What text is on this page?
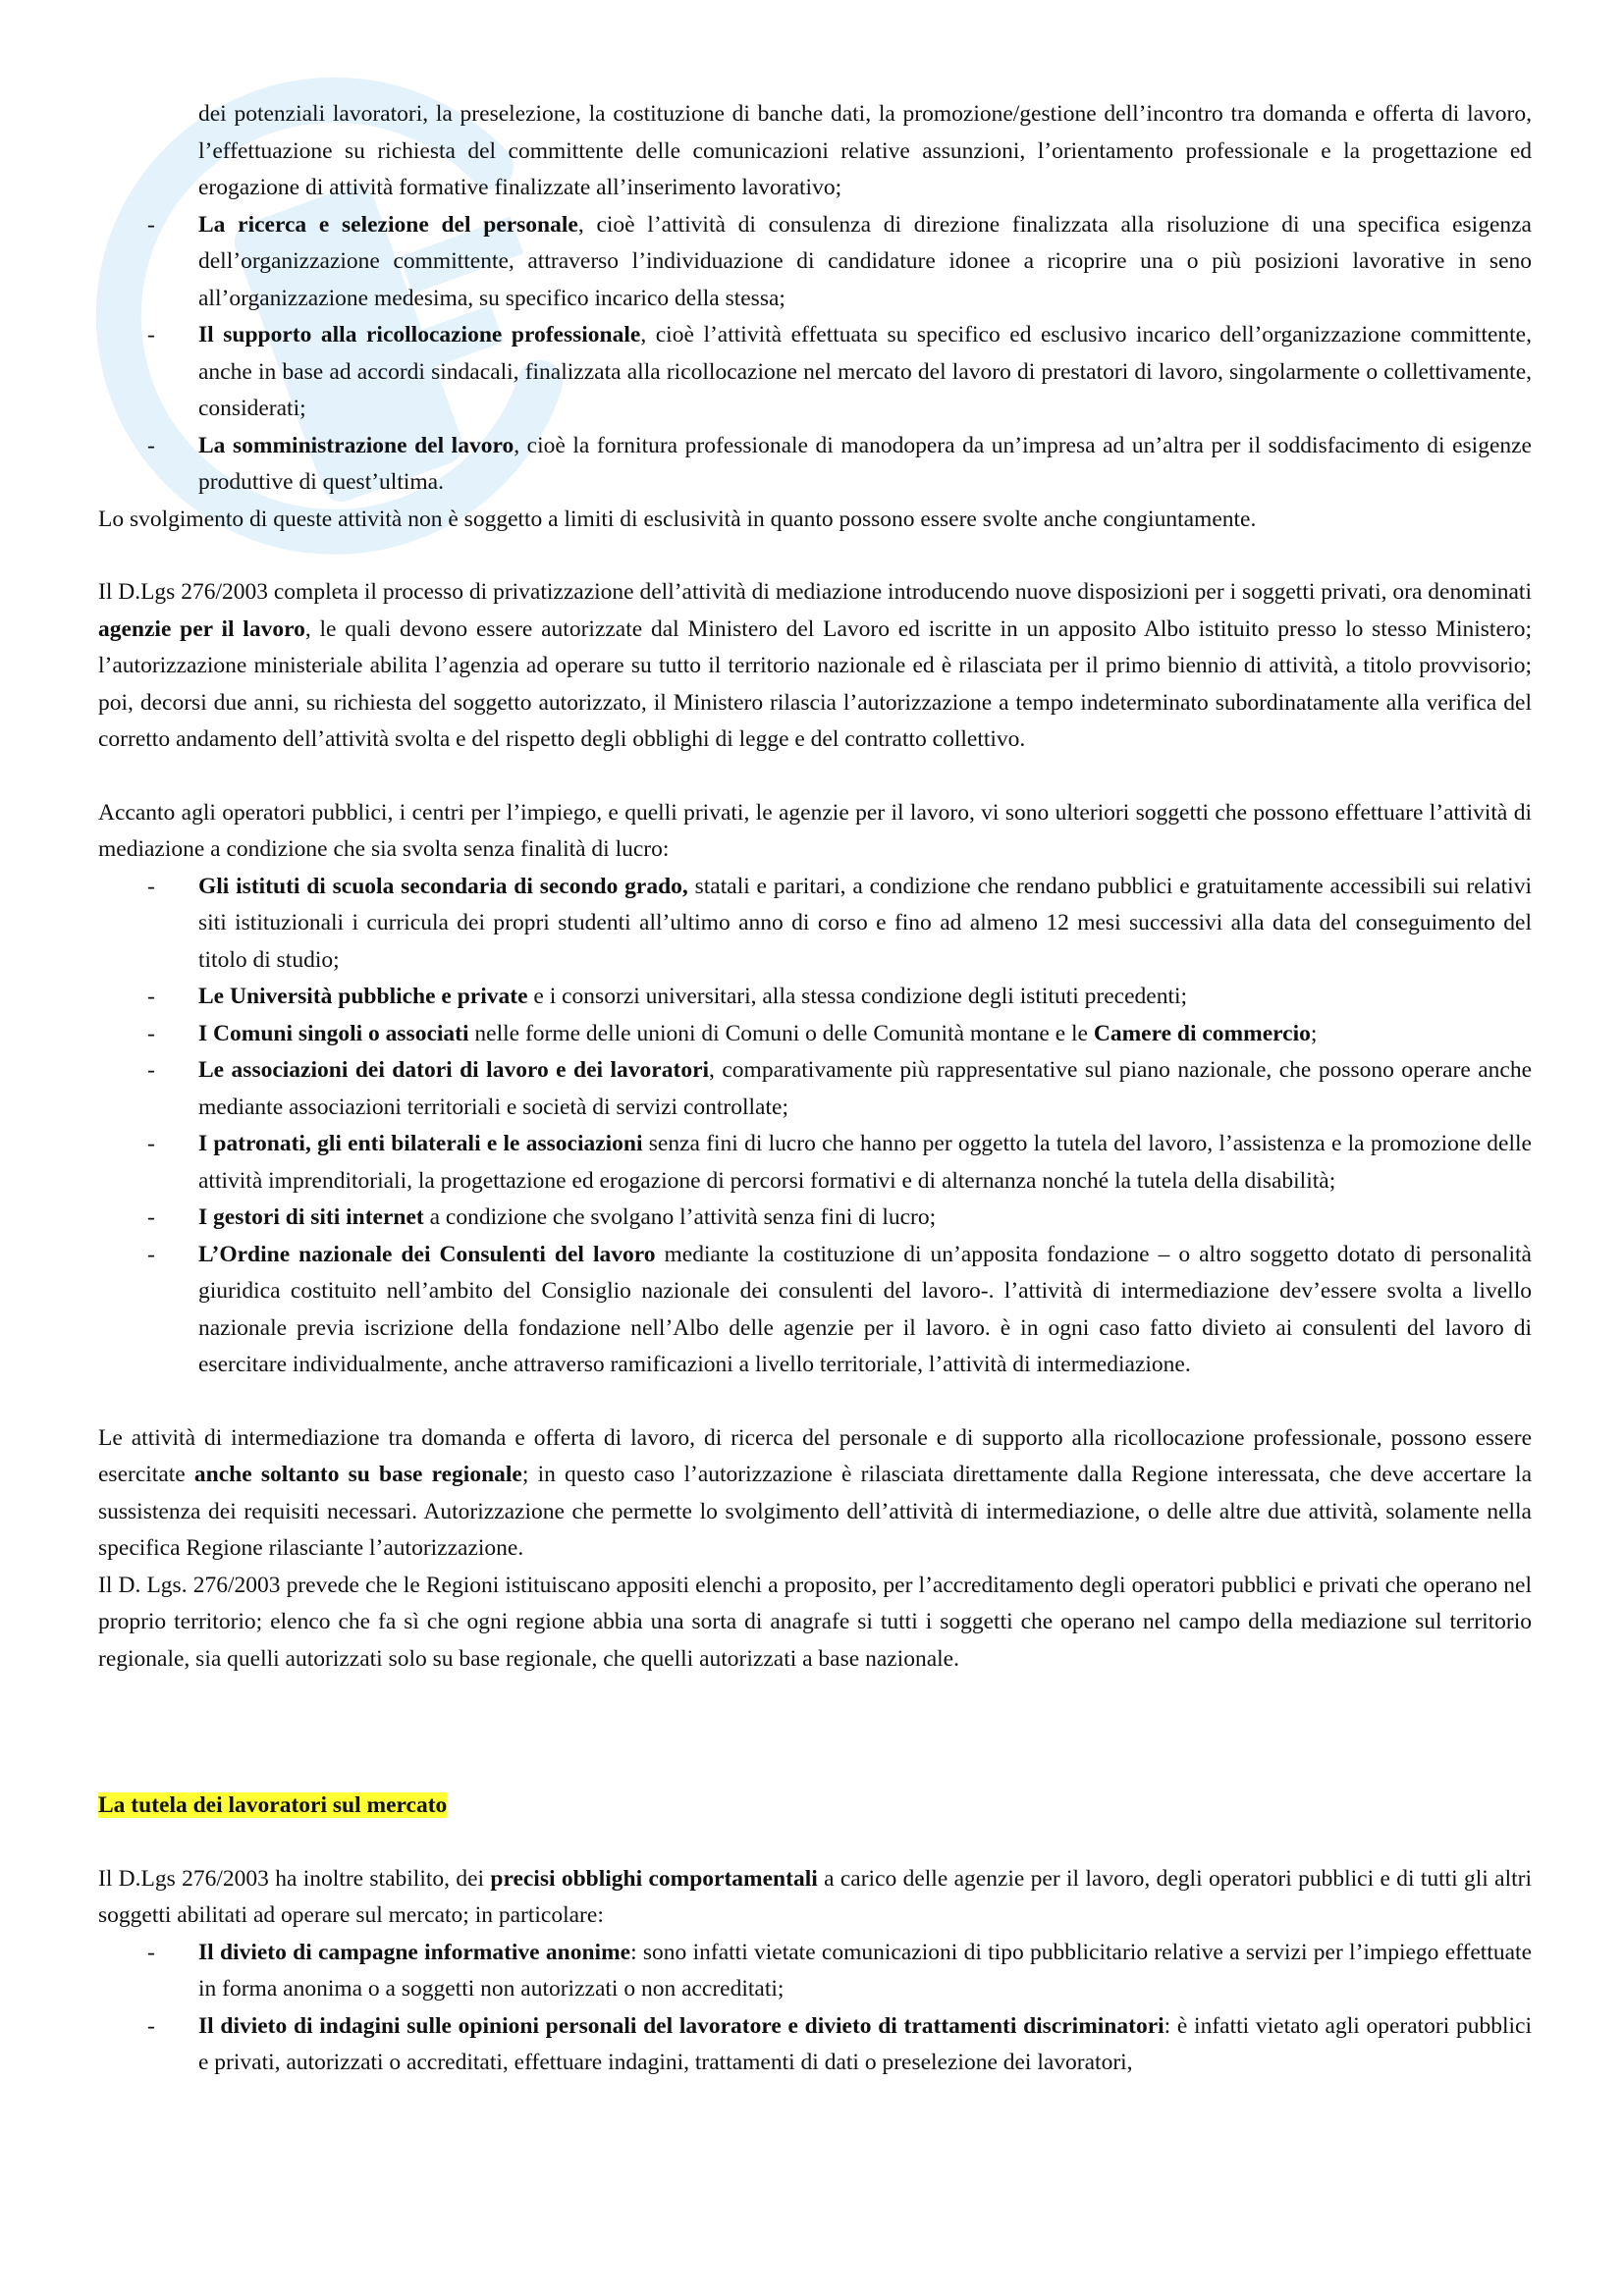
dei potenziali lavoratori, la preselezione, la costituzione di banche dati, la promozione/gestione dell’incontro tra domanda e offerta di lavoro, l’effettuazione su richiesta del committente delle comunicazioni relative assunzioni, l’orientamento professionale e la progettazione ed erogazione di attività formative finalizzate all’inserimento lavorativo;
- La ricerca e selezione del personale, cioè l’attività di consulenza di direzione finalizzata alla risoluzione di una specifica esigenza dell’organizzazione committente, attraverso l’individuazione di candidature idonee a ricoprire una o più posizioni lavorative in seno all’organizzazione medesima, su specifico incarico della stessa;
- Il supporto alla ricollocazione professionale, cioè l’attività effettuata su specifico ed esclusivo incarico dell’organizzazione committente, anche in base ad accordi sindacali, finalizzata alla ricollocazione nel mercato del lavoro di prestatori di lavoro, singolarmente o collettivamente, considerati;
- La somministrazione del lavoro, cioè la fornitura professionale di manodopera da un’impresa ad un’altra per il soddisfacimento di esigenze produttive di quest’ultima.

Lo svolgimento di queste attività non è soggetto a limiti di esclusività in quanto possono essere svolte anche congiuntamente.

Il D.Lgs 276/2003 completa il processo di privatizzazione dell’attività di mediazione introducendo nuove disposizioni per i soggetti privati, ora denominati agenzie per il lavoro, le quali devono essere autorizzate dal Ministero del Lavoro ed iscritte in un apposito Albo istituito presso lo stesso Ministero; l’autorizzazione ministeriale abilita l’agenzia ad operare su tutto il territorio nazionale ed è rilasciata per il primo biennio di attività, a titolo provvisorio; poi, decorsi due anni, su richiesta del soggetto autorizzato, il Ministero rilascia l’autorizzazione a tempo indeterminato subordinatamente alla verifica del corretto andamento dell’attività svolta e del rispetto degli obblighi di legge e del contratto collettivo.

Accanto agli operatori pubblici, i centri per l’impiego, e quelli privati, le agenzie per il lavoro, vi sono ulteriori soggetti che possono effettuare l’attività di mediazione a condizione che sia svolta senza finalità di lucro:

- Gli istituti di scuola secondaria di secondo grado, statali e paritari, a condizione che rendano pubblici e gratuitamente accessibili sui relativi siti istituzionali i curricula dei propri studenti all’ultimo anno di corso e fino ad almeno 12 mesi successivi alla data del conseguimento del titolo di studio;
- Le Università pubbliche e private e i consorzi universitari, alla stessa condizione degli istituti precedenti;
- I Comuni singoli o associati nelle forme delle unioni di Comuni o delle Comunità montane e le Camere di commercio;
- Le associazioni dei datori di lavoro e dei lavoratori, comparativamente più rappresentative sul piano nazionale, che possono operare anche mediante associazioni territoriali e società di servizi controllate;
- I patronati, gli enti bilaterali e le associazioni senza fini di lucro che hanno per oggetto la tutela del lavoro, l’assistenza e la promozione delle attività imprenditoriali, la progettazione ed erogazione di percorsi formativi e di alternanza nonché la tutela della disabilità;
- I gestori di siti internet a condizione che svolgano l’attività senza fini di lucro;
- L’Ordine nazionale dei Consulenti del lavoro mediante la costituzione di un’apposita fondazione – o altro soggetto dotato di personalità giuridica costituito nell’ambito del Consiglio nazionale dei consulenti del lavoro-. l’attività di intermediazione dev’essere svolta a livello nazionale previa iscrizione della fondazione nell’Albo delle agenzie per il lavoro. è in ogni caso fatto divieto ai consulenti del lavoro di esercitare individualmente, anche attraverso ramificazioni a livello territoriale, l’attività di intermediazione.

Le attività di intermediazione tra domanda e offerta di lavoro, di ricerca del personale e di supporto alla ricollocazione professionale, possono essere esercitate anche soltanto su base regionale; in questo caso l’autorizzazione è rilasciata direttamente dalla Regione interessata, che deve accertare la sussistenza dei requisiti necessari. Autorizzazione che permette lo svolgimento dell’attività di intermediazione, o delle altre due attività, solamente nella specifica Regione rilasciante l’autorizzazione.

Il D. Lgs. 276/2003 prevede che le Regioni istituiscano appositi elenchi a proposito, per l’accreditamento degli operatori pubblici e privati che operano nel proprio territorio; elenco che fa sì che ogni regione abbia una sorta di anagrafe si tutti i soggetti che operano nel campo della mediazione sul territorio regionale, sia quelli autorizzati solo su base regionale, che quelli autorizzati a base nazionale.

La tutela dei lavoratori sul mercato

Il D.Lgs 276/2003 ha inoltre stabilito, dei precisi obblighi comportamentali a carico delle agenzie per il lavoro, degli operatori pubblici e di tutti gli altri soggetti abilitati ad operare sul mercato; in particolare:

- Il divieto di campagne informative anonime: sono infatti vietate comunicazioni di tipo pubblicitario relative a servizi per l’impiego effettuate in forma anonima o a soggetti non autorizzati o non accreditati;
- Il divieto di indagini sulle opinioni personali del lavoratore e divieto di trattamenti discriminatori: è infatti vietato agli operatori pubblici e privati, autorizzati o accreditati, effettuare indagini, trattamenti di dati o preselezione dei lavoratori,
